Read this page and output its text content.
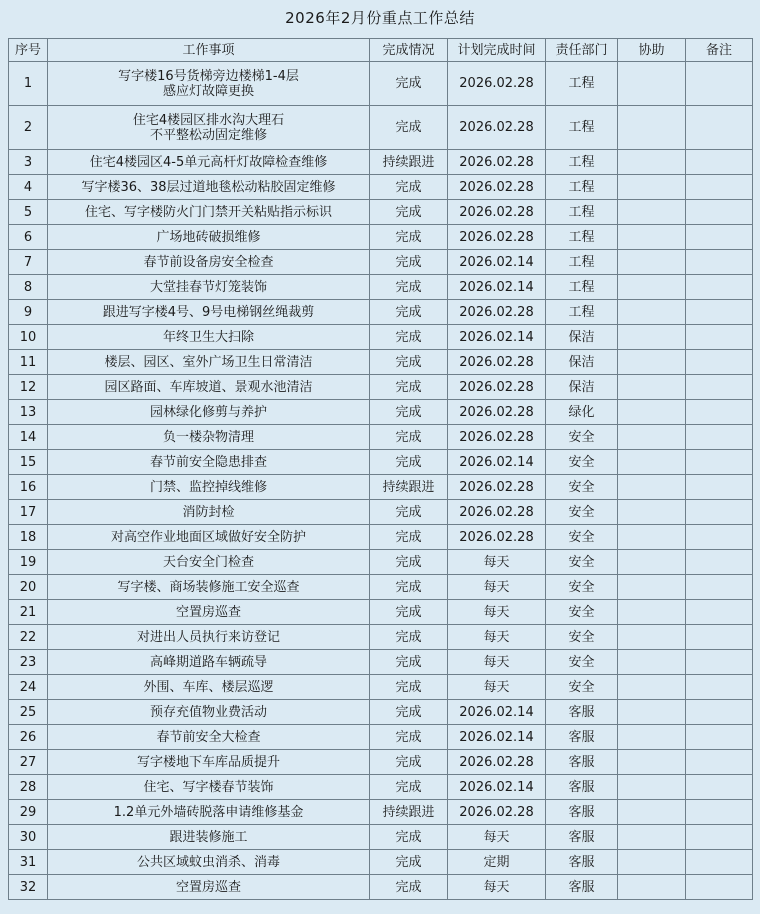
2026年2月份重点工作总结
序号	工作事项	完成情况	计划完成时间	责任部门	协助	备注
1	写字楼16号货梯旁边楼梯1-4层
感应灯故障更换	完成	2026.02.28	工程		
2	住宅4楼园区排水沟大理石
不平整松动固定维修	完成	2026.02.28	工程		
3	住宅4楼园区4-5单元高杆灯故障检查维修	持续跟进	2026.02.28	工程		
4	写字楼36、38层过道地毯松动粘胶固定维修	完成	2026.02.28	工程		
5	住宅、写字楼防火门门禁开关粘贴指示标识	完成	2026.02.28	工程		
6	广场地砖破损维修	完成	2026.02.28	工程		
7	春节前设备房安全检查	完成	2026.02.14	工程		
8	大堂挂春节灯笼装饰	完成	2026.02.14	工程		
9	跟进写字楼4号、9号电梯钢丝绳裁剪	完成	2026.02.28	工程		
10	年终卫生大扫除	完成	2026.02.14	保洁		
11	楼层、园区、室外广场卫生日常清洁	完成	2026.02.28	保洁		
12	园区路面、车库坡道、景观水池清洁	完成	2026.02.28	保洁		
13	园林绿化修剪与养护	完成	2026.02.28	绿化		
14	负一楼杂物清理	完成	2026.02.28	安全		
15	春节前安全隐患排查	完成	2026.02.14	安全		
16	门禁、监控掉线维修	持续跟进	2026.02.28	安全		
17	消防封检	完成	2026.02.28	安全		
18	对高空作业地面区域做好安全防护	完成	2026.02.28	安全		
19	天台安全门检查	完成	每天	安全		
20	写字楼、商场装修施工安全巡查	完成	每天	安全		
21	空置房巡查	完成	每天	安全		
22	对进出人员执行来访登记	完成	每天	安全		
23	高峰期道路车辆疏导	完成	每天	安全		
24	外围、车库、楼层巡逻	完成	每天	安全		
25	预存充值物业费活动	完成	2026.02.14	客服		
26	春节前安全大检查	完成	2026.02.14	客服		
27	写字楼地下车库品质提升	完成	2026.02.28	客服		
28	住宅、写字楼春节装饰	完成	2026.02.14	客服		
29	1.2单元外墙砖脱落申请维修基金	持续跟进	2026.02.28	客服		
30	跟进装修施工	完成	每天	客服		
31	公共区域蚊虫消杀、消毒	完成	定期	客服		
32	空置房巡查	完成	每天	客服		
